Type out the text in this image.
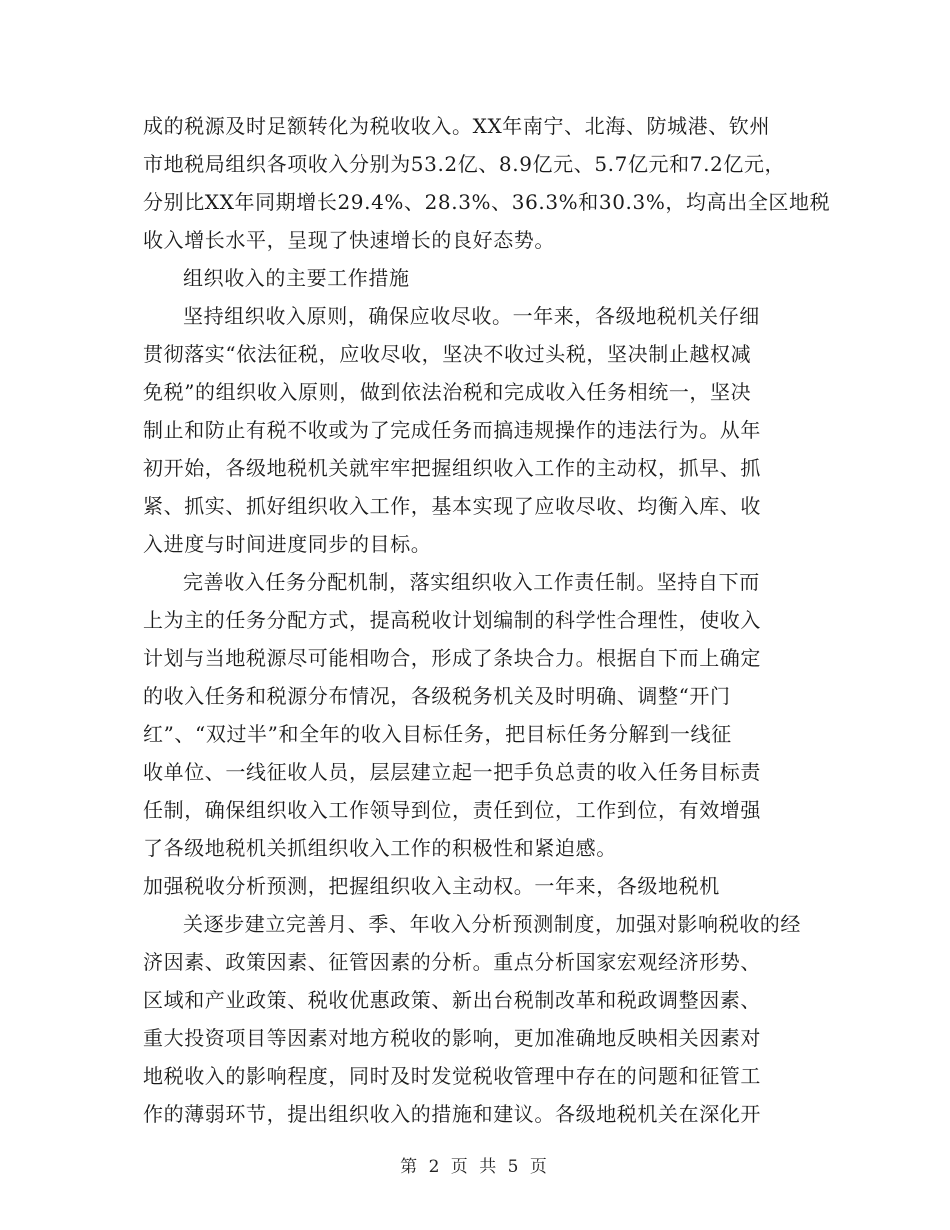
成的税源及时足额转化为税收收入。XX年南宁、北海、防城港、钦州
市地税局组织各项收入分别为53.2亿、8.9亿元、5.7亿元和7.2亿元，
分别比XX年同期增长29.4%、28.3%、36.3%和30.3%，均高出全区地税
收入增长水平，呈现了快速增长的良好态势。
组织收入的主要工作措施
坚持组织收入原则，确保应收尽收。一年来，各级地税机关仔细
贯彻落实“依法征税，应收尽收，坚决不收过头税，坚决制止越权减
免税”的组织收入原则，做到依法治税和完成收入任务相统一，坚决
制止和防止有税不收或为了完成任务而搞违规操作的违法行为。从年
初开始，各级地税机关就牢牢把握组织收入工作的主动权，抓早、抓
紧、抓实、抓好组织收入工作，基本实现了应收尽收、均衡入库、收
入进度与时间进度同步的目标。
完善收入任务分配机制，落实组织收入工作责任制。坚持自下而
上为主的任务分配方式，提高税收计划编制的科学性合理性，使收入
计划与当地税源尽可能相吻合，形成了条块合力。根据自下而上确定
的收入任务和税源分布情况，各级税务机关及时明确、调整“开门
红”、“双过半”和全年的收入目标任务，把目标任务分解到一线征
收单位、一线征收人员，层层建立起一把手负总责的收入任务目标责
任制，确保组织收入工作领导到位，责任到位，工作到位，有效增强
了各级地税机关抓组织收入工作的积极性和紧迫感。
加强税收分析预测，把握组织收入主动权。一年来，各级地税机
关逐步建立完善月、季、年收入分析预测制度，加强对影响税收的经
济因素、政策因素、征管因素的分析。重点分析国家宏观经济形势、
区域和产业政策、税收优惠政策、新出台税制改革和税政调整因素、
重大投资项目等因素对地方税收的影响，更加准确地反映相关因素对
地税收入的影响程度，同时及时发觉税收管理中存在的问题和征管工
作的薄弱环节，提出组织收入的措施和建议。各级地税机关在深化开
第 2 页 共 5 页
